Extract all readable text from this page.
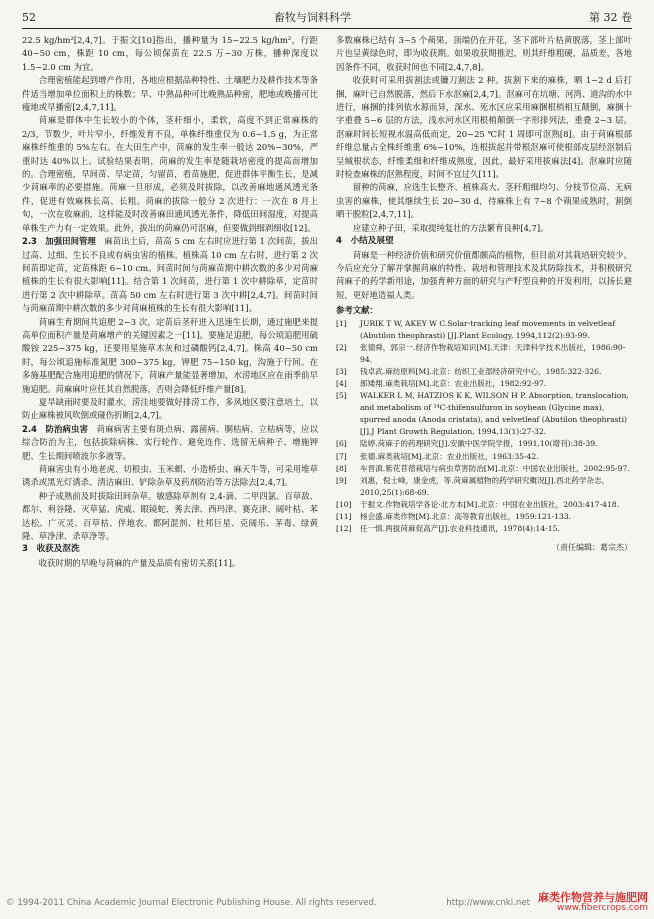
52	畜牧与饲料科学	第 32 卷

22.5 kg/hm²[2,4,7]。于振文[10]指出，播种量为 15~22.5 kg/hm²，行距 40~50 cm，株距 10 cm，每公顷保苗在 22.5 万~30 万株，播种深度以 1.5~2.0 cm 为宜。

合理密植能起到增产作用，各地应根据品种特性、土壤肥力及耕作技术等条件适当增加单位面积上的株数；早、中熟品种可比晚熟品种密，肥地或晚播可比瘦地或早播密[2,4,7,11]。

苘麻是群体中生长较小的个体，茎秆细小，柔软，高度不到正常麻株的 2/3，节数少，叶片窄小，纤维发育不良，单株纤维重仅为 0.6~1.5 g，为正常麻株纤维重的 5%左右。在大田生产中，苘麻的发生率一般达 20%~30%，严重时达 40%以上。试验结果表明，苘麻的发生率是随栽培密度的提高而增加的。合理密植，早间苗、早定苗，匀留苗，看苗施肥，促进群体平衡生长，是减少苘麻率的必要措施。苘麻一旦形成，必须及时拔除，以改善麻地通风透光条件，促进有效麻株长高、长粗。苘麻的拔除一般分 2 次进行：一次在 8 月上旬，一次在收麻前，这样能及时改善麻田通风透光条件，降低田间湿度，对提高单株生产力有一定效果。此外，拔出的苘麻仍可沤麻，但要做到细剥细收[12]。

2.3　加强田间管理　 麻苗出土后，苗高 5 cm 左右时应进行第 1 次间苗，拔出过高、过细、生长不良或有病虫害的植株。植株高 10 cm 左右时，进行第 2 次间苗即定苗，定苗株距 6~10 cm。间苗时间与苘麻苗期中耕次数的多少对苘麻植株的生长有很大影响[11]。结合第 1 次间苗，进行第 1 次中耕除草，定苗时进行第 2 次中耕除草。苗高 50 cm 左右时进行第 3 次中耕[2,4,7]。间苗时间与苘麻苗期中耕次数的多少对苘麻植株的生长有很大影响[11]。

苘麻生育期间共追肥 2~3 次，定苗后茎秆进入迅速生长期，通过施肥来提高单位面积产量是苘麻增产的关键因素之一[11]。要施足追肥，每公顷追肥用硫酸铵 225~375 kg，还要用星施草木灰和过磷酸钙[2,4,7]。株高 40~50 cm 时，每公顷追施标准氮肥 300~375 kg，钾肥 75~150 kg，沟施于行间。在多施基肥配合施用追肥的情况下，苘麻产量能显著增加，水涝地区应在雨季前早施追肥。苘麻麻叶应任其自然脱落，否则会降低纤维产量[8]。

夏旱缺雨时要及时灌水，涝洼地要做好排涝工作，多风地区要注意培土，以防止麻株被风吹倒或碰伤折断[2,4,7]。

2.4　防治病虫害　 苘麻病害主要有斑点病、露菌病、胴枯病、立枯病等，应以综合防治为主，包括拔除病株、实行轮作、避免连作、选留无病种子、增施钾肥、生长期间喷波尔多液等。

苘麻害虫有小地老虎、切根虫、玉米螟、小造桥虫、麻天牛等，可采用堆草诱杀或黑光灯诱杀、清洁麻田、铲除杂草及药剂防治等方法除去[2,4,7]。

种子成熟前及时拔除田间杂草。敏感除草剂有 2,4-滴、二甲四氯、百草敌、都尔、利谷隆、灭草猛、虎威、眼镜蛇、莠去津、西玛津、赛克津、阔叶枯、苯达松、广灭灵、百草枯、伴地农、都阿混剂、杜邦巨星、克阔乐、茅毒、绿黄隆、草净津、杀草净等。

3　收获及沤洗

收获时期的早晚与苘麻的产量及品质有密切关系[11]。

多数麻株已结有 3~5 个蒴果，顶端仍在开花，茎下部叶片枯黄脱落，茎上部叶片也呈黄绿色时，即为收获期。如果收获期推迟，则其纤维粗硬，品质差，各地因条件不同，收获时间也不同[2,4,7,8]。

收获时可采用拔割法或镰刀割法 2 种。拔割下来的麻株，晒 1~2 d 后打捆，麻叶已自然脱落，然后下水沤麻[2,4,7]。沤麻可在坑塘、河湾、道沟的水中进行，麻捆的排列依水源而异，深水、死水区应采用麻捆根梢相互颠倒，麻捆十字重叠 5~6 层的方法，浅水河水区用根梢颠倒一字形排列法，重叠 2~3 层。沤麻时间长短视水温高低而定，20~25 ℃时 1 周即可沤熟[8]。由于苘麻根部纤维总量占全株纤维重 6%~10%，连根拔起并带根沤麻可使根部皮层经沤制后呈缄根状态，纤维柔细和纤维成熟度，因此，最好采用拔麻法[4]。沤麻时应随时检查麻株的沤熟程度，时间不宜过久[11]。

留种的苘麻，应选生长整齐、植株高大、茎秆粗细均匀、分枝节位高、无病虫害的麻株，使其继续生长 20~30 d，待麻株上有 7~8 个蒴果成熟时，割倒晒干脱粒[2,4,7,11]。

应建立种子田，采取提纯复壮的方法繁育良种[4,7]。

4　小结及展望

苘麻是一种经济价值和研究价值都颇高的植物，但目前对其栽培研究较少。今后应充分了解并掌握苘麻的特性、栽培和管理技术及其防除技术，并积极研究苘麻子的药学新用途，加强育种方面的研究与产籽型良种的开发利用，以扬长避短，更好地造福人类。

参考文献：
[1]	JURIK T W, AKEY W C.Solar-tracking leaf movements in velvetleaf (Abutilon theophrasti) [J].Plant Ecology, 1994,112(2):93-99.
[2]	张德舜，郭宗一.经济作物栽培知识[M].天津：天津科学技术出版社，1986:90-94.
[3]	钱卓武.麻纺原料[M].北京：纺织工业部经济研究中心，1985:322-326.
[4]	郎矮翔.麻类栽培[M].北京：农业出版社，1982:92-97.
[5]	WALKER L M, HATZIOS K K, WILSON H P. Absorption, translocation, and metabolism of ¹⁴C-thifensulfuron in soybean (Glycine max), spurred anoda (Anoda cristata), and velvetleaf (Abutilon theophrasti) [J].J Plant Growth Regulation, 1994,13(1):27-32.
[6]	陆婷.苘麻子的药理研究[J].安徽中医学院学报，1991,10(增刊):38-39.
[7]	张德.麻类栽培[M].北京：农业出版社，1963:35-42.
[8]	车晋滇.紫花苜蓿栽培与病虫草害防治[M].北京：中国农业出版社，2002:95-97.
[9]	刘惠，倪士峰，康金虎，等.苘麻属植物的药学研究概况[J].西北药学杂志，2010,25(1):68-69.
[10]	于振文.作物栽培学各论·北方本[M].北京：中国农业出版社，2003:417-418.
[11]	杨会盛.麻类作物[M].北京：高等教育出版社，1959:121-133.
[12]	任一慎.两拔苘麻促高产[J].农业科技通讯，1978(4):14-15.
（责任编辑：葛宗杰）
© 1994-2011 China Academic Journal Electronic Publishing House. All rights reserved.	http://www.cnki.net 麻类作物营养与施肥网
www.fibercrops.com
